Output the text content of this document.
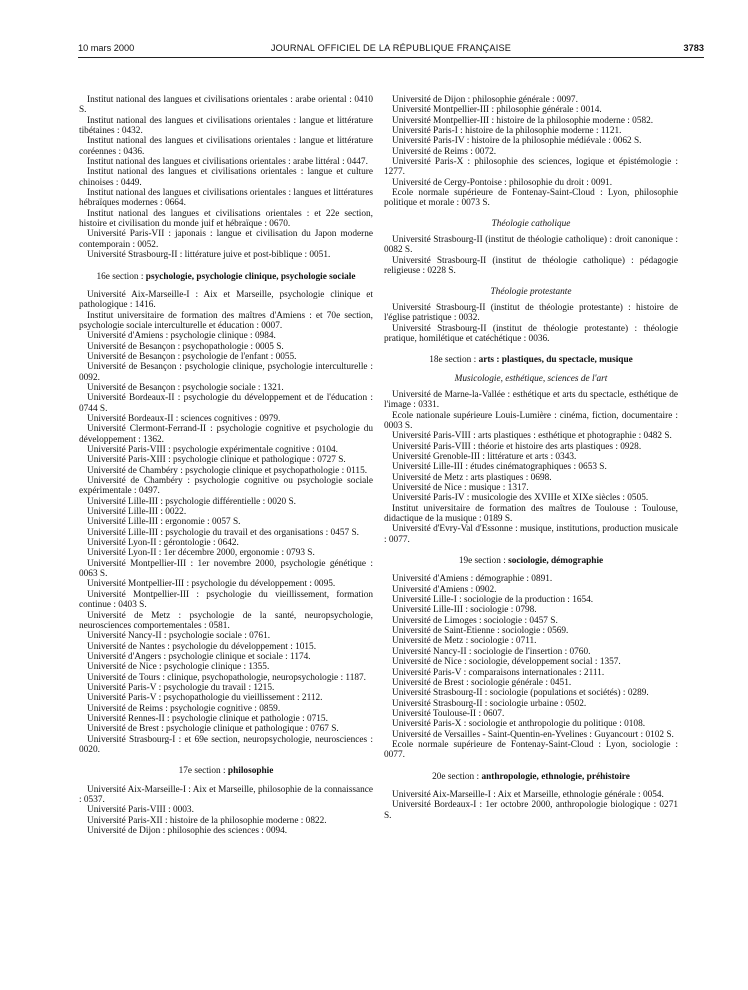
10 mars 2000	JOURNAL OFFICIEL DE LA RÉPUBLIQUE FRANÇAISE	3783

Institut national des langues et civilisations orientales : arabe oriental : 0410 S.

Institut national des langues et civilisations orientales : langue et littérature tibétaines : 0432.

Institut national des langues et civilisations orientales : langue et littérature coréennes : 0436.

Institut national des langues et civilisations orientales : arabe littéral : 0447.

Institut national des langues et civilisations orientales : langue et culture chinoises : 0449.

Institut national des langues et civilisations orientales : langues et littératures hébraïques modernes : 0664.

Institut national des langues et civilisations orientales : et 22e section, histoire et civilisation du monde juif et hébraïque : 0670.

Université Paris-VII : japonais : langue et civilisation du Japon moderne contemporain : 0052.

Université Strasbourg-II : littérature juive et post-biblique : 0051.

16e section : psychologie, psychologie clinique, psychologie sociale

Université Aix-Marseille-I : Aix et Marseille, psychologie clinique et pathologique : 1416.

Institut universitaire de formation des maîtres d'Amiens : et 70e section, psychologie sociale interculturelle et éducation : 0007.

Université d'Amiens : psychologie clinique : 0984.

Université de Besançon : psychopathologie : 0005 S.

Université de Besançon : psychologie de l'enfant : 0055.

Université de Besançon : psychologie clinique, psychologie interculturelle : 0092.

Université de Besançon : psychologie sociale : 1321.

Université Bordeaux-II : psychologie du développement et de l'éducation : 0744 S.

Université Bordeaux-II : sciences cognitives : 0979.

Université Clermont-Ferrand-II : psychologie cognitive et psychologie du développement : 1362.

Université Paris-VIII : psychologie expérimentale cognitive : 0104.

Université Paris-XIII : psychologie clinique et pathologique : 0727 S.

Université de Chambéry : psychologie clinique et psychopathologie : 0115.

Université de Chambéry : psychologie cognitive ou psychologie sociale expérimentale : 0497.

Université Lille-III : psychologie différentielle : 0020 S.

Université Lille-III : 0022.

Université Lille-III : ergonomie : 0057 S.

Université Lille-III : psychologie du travail et des organisations : 0457 S.

Université Lyon-II : gérontologie : 0642.

Université Lyon-II : 1er décembre 2000, ergonomie : 0793 S.

Université Montpellier-III : 1er novembre 2000, psychologie génétique : 0063 S.

Université Montpellier-III : psychologie du développement : 0095.

Université Montpellier-III : psychologie du vieillissement, formation continue : 0403 S.

Université de Metz : psychologie de la santé, neuropsychologie, neurosciences comportementales : 0581.

Université Nancy-II : psychologie sociale : 0761.

Université de Nantes : psychologie du développement : 1015.

Université d'Angers : psychologie clinique et sociale : 1174.

Université de Nice : psychologie clinique : 1355.

Université de Tours : clinique, psychopathologie, neuropsychologie : 1187.

Université Paris-V : psychologie du travail : 1215.

Université Paris-V : psychopathologie du vieillissement : 2112.

Université de Reims : psychologie cognitive : 0859.

Université Rennes-II : psychologie clinique et pathologie : 0715.

Université de Brest : psychologie clinique et pathologique : 0767 S.

Université Strasbourg-I : et 69e section, neuropsychologie, neurosciences : 0020.

17e section : philosophie

Université Aix-Marseille-I : Aix et Marseille, philosophie de la connaissance : 0537.

Université Paris-VIII : 0003.

Université Paris-XII : histoire de la philosophie moderne : 0822.

Université de Dijon : philosophie des sciences : 0094.

Université de Dijon : philosophie générale : 0097.

Université Montpellier-III : philosophie générale : 0014.

Université Montpellier-III : histoire de la philosophie moderne : 0582.

Université Paris-I : histoire de la philosophie moderne : 1121.

Université Paris-IV : histoire de la philosophie médiévale : 0062 S.

Université de Reims : 0072.

Université Paris-X : philosophie des sciences, logique et épistémologie : 1277.

Université de Cergy-Pontoise : philosophie du droit : 0091.

Ecole normale supérieure de Fontenay-Saint-Cloud : Lyon, philosophie politique et morale : 0073 S.

Théologie catholique

Université Strasbourg-II (institut de théologie catholique) : droit canonique : 0082 S.

Université Strasbourg-II (institut de théologie catholique) : pédagogie religieuse : 0228 S.

Théologie protestante

Université Strasbourg-II (institut de théologie protestante) : histoire de l'église patristique : 0032.

Université Strasbourg-II (institut de théologie protestante) : théologie pratique, homilétique et catéchétique : 0036.

18e section : arts : plastiques, du spectacle, musique
Musicologie, esthétique, sciences de l'art

Université de Marne-la-Vallée : esthétique et arts du spectacle, esthétique de l'image : 0331.

Ecole nationale supérieure Louis-Lumière : cinéma, fiction, documentaire : 0003 S.

Université Paris-VIII : arts plastiques : esthétique et photographie : 0482 S.

Université Paris-VIII : théorie et histoire des arts plastiques : 0928.

Université Grenoble-III : littérature et arts : 0343.

Université Lille-III : études cinématographiques : 0653 S.

Université de Metz : arts plastiques : 0698.

Université de Nice : musique : 1317.

Université Paris-IV : musicologie des XVIIIe et XIXe siècles : 0505.

Institut universitaire de formation des maîtres de Toulouse : Toulouse, didactique de la musique : 0189 S.

Université d'Evry-Val d'Essonne : musique, institutions, production musicale : 0077.

19e section : sociologie, démographie

Université d'Amiens : démographie : 0891.

Université d'Amiens : 0902.

Université Lille-I : sociologie de la production : 1654.

Université Lille-III : sociologie : 0798.

Université de Limoges : sociologie : 0457 S.

Université de Saint-Etienne : sociologie : 0569.

Université de Metz : sociologie : 0711.

Université Nancy-II : sociologie de l'insertion : 0760.

Université de Nice : sociologie, développement social : 1357.

Université Paris-V : comparaisons internationales : 2111.

Université de Brest : sociologie générale : 0451.

Université Strasbourg-II : sociologie (populations et sociétés) : 0289.

Université Strasbourg-II : sociologie urbaine : 0502.

Université Toulouse-II : 0607.

Université Paris-X : sociologie et anthropologie du politique : 0108.

Université de Versailles - Saint-Quentin-en-Yvelines : Guyancourt : 0102 S.

Ecole normale supérieure de Fontenay-Saint-Cloud : Lyon, sociologie : 0077.

20e section : anthropologie, ethnologie, préhistoire

Université Aix-Marseille-I : Aix et Marseille, ethnologie générale : 0054.

Université Bordeaux-I : 1er octobre 2000, anthropologie biologique : 0271 S.
